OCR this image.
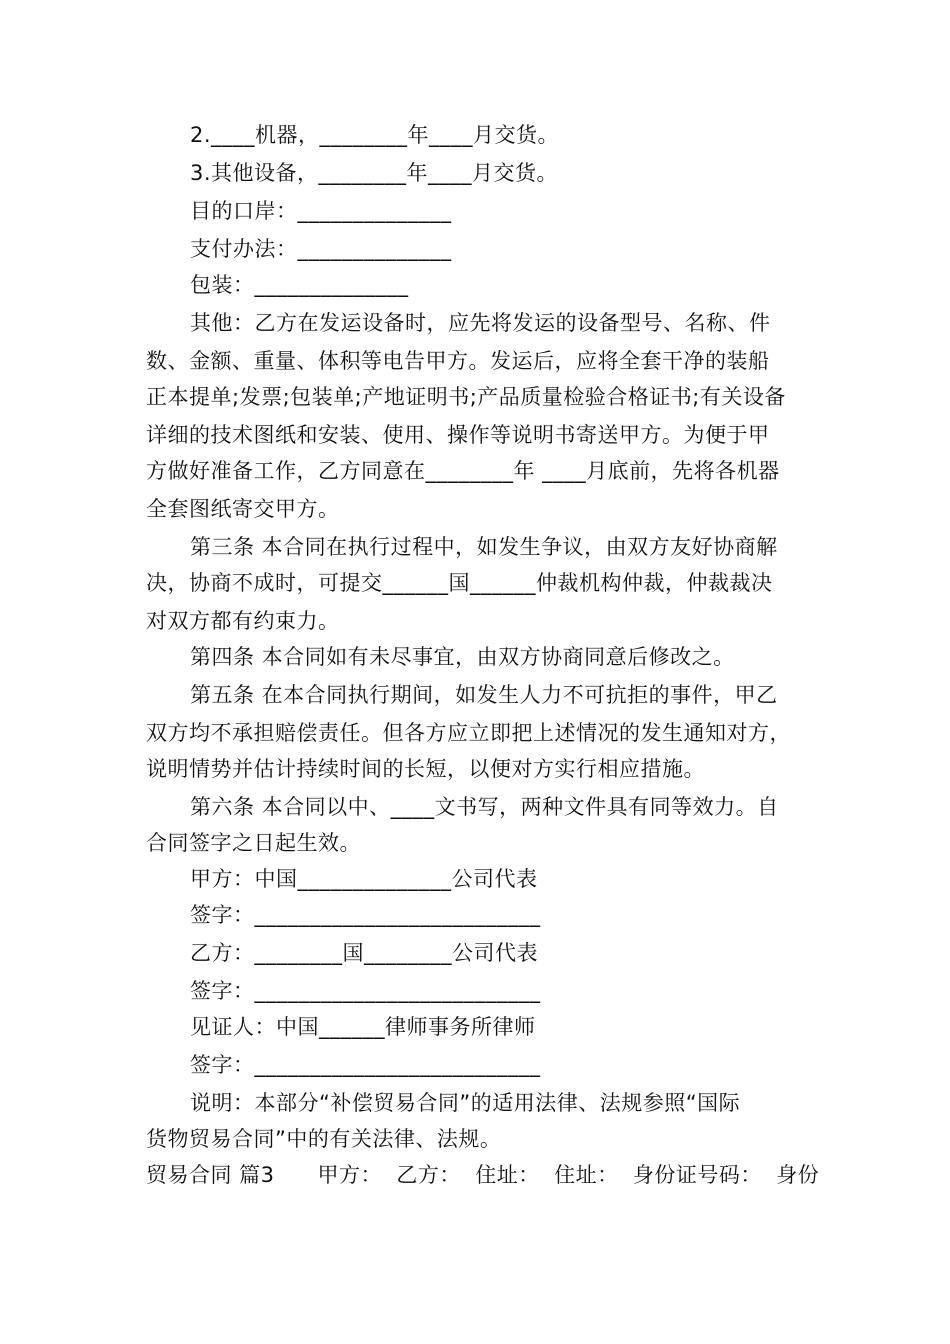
2.____机器，________年____月交货。
3.其他设备，________年____月交货。
目的口岸：______________
支付办法：______________
包装：______________
其他：乙方在发运设备时，应先将发运的设备型号、名称、件
数、金额、重量、体积等电告甲方。发运后，应将全套干净的装船
正本提单;发票;包装单;产地证明书;产品质量检验合格证书;有关设备
详细的技术图纸和安装、使用、操作等说明书寄送甲方。为便于甲
方做好准备工作，乙方同意在________年 ____月底前，先将各机器
全套图纸寄交甲方。
第三条 本合同在执行过程中，如发生争议，由双方友好协商解
决，协商不成时，可提交______国______仲裁机构仲裁，仲裁裁决
对双方都有约束力。
第四条 本合同如有未尽事宜，由双方协商同意后修改之。
第五条 在本合同执行期间，如发生人力不可抗拒的事件，甲乙
双方均不承担赔偿责任。但各方应立即把上述情况的发生通知对方，
说明情势并估计持续时间的长短，以便对方实行相应措施。
第六条 本合同以中、____文书写，两种文件具有同等效力。自
合同签字之日起生效。
甲方：中国______________公司代表
签字：__________________________
乙方：________国________公司代表
签字：__________________________
见证人：中国______律师事务所律师
签字：__________________________
说明：本部分“补偿贸易合同”的适用法律、法规参照“国际
货物贸易合同”中的有关法律、法规。
贸易合同 篇3　　甲方：  乙方：  住址：  住址：  身份证号码：  身份
